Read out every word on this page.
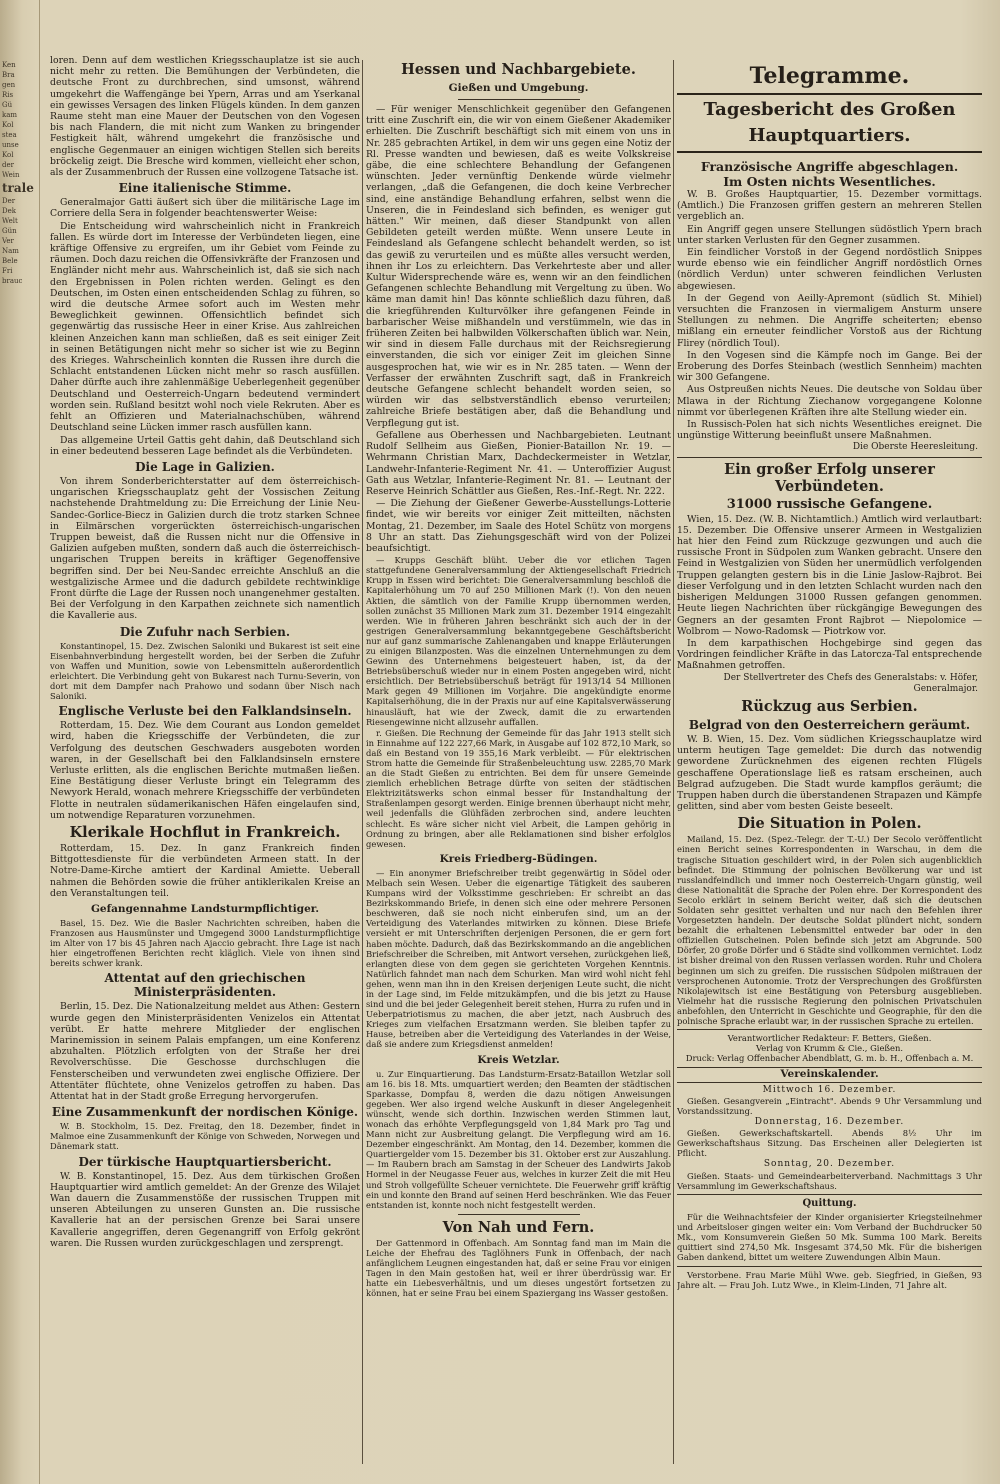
Ken
Bra
gen
Ris
Gü
kam
Kol
stea
unse
Kol
der
Wein
trale
Der
Dek
Welt
Gün
Ver
Nam
Bele
Fri
brauc

loren. Denn auf dem westlichen Kriegsschauplatze ist sie auch nicht mehr zu retten. Die Bemühungen der Verbündeten, die deutsche Front zu durchbrechen, sind umsonst, während umgekehrt die Waffengänge bei Ypern, Arras und am Yserkanal ein gewisses Versagen des linken Flügels künden. In dem ganzen Raume steht man eine Mauer der Deutschen von den Vogesen bis nach Flandern, die mit nicht zum Wanken zu bringender Festigkeit hält, während umgekehrt die französische und englische Gegenmauer an einigen wichtigen Stellen sich bereits bröckelig zeigt. Die Bresche wird kommen, vielleicht eher schon, als der Zusammenbruch der Russen eine vollzogene Tatsache ist.

Eine italienische Stimme.

Generalmajor Gatti äußert sich über die militärische Lage im Corriere della Sera in folgender beachtenswerter Weise:

Die Entscheidung wird wahrscheinlich nicht in Frankreich fallen. Es würde dort im Interesse der Verbündeten liegen, eine kräftige Offensive zu ergreifen, um ihr Gebiet vom Feinde zu räumen. Doch dazu reichen die Offensivkräfte der Franzosen und Engländer nicht mehr aus. Wahrscheinlich ist, daß sie sich nach den Ergebnissen in Polen richten werden. Gelingt es den Deutschen, im Osten einen entscheidenden Schlag zu führen, so wird die deutsche Armee sofort auch im Westen mehr Beweglichkeit gewinnen. Offensichtlich befindet sich gegenwärtig das russische Heer in einer Krise. Aus zahlreichen kleinen Anzeichen kann man schließen, daß es seit einiger Zeit in seinen Betätigungen nicht mehr so sicher ist wie zu Beginn des Krieges. Wahrscheinlich konnten die Russen ihre durch die Schlacht entstandenen Lücken nicht mehr so rasch ausfüllen. Daher dürfte auch ihre zahlenmäßige Ueberlegenheit gegenüber Deutschland und Oesterreich-Ungarn bedeutend vermindert worden sein. Rußland besitzt wohl noch viele Rekruten. Aber es fehlt an Offizieren und Materialnachschüben, während Deutschland seine Lücken immer rasch ausfüllen kann.

Das allgemeine Urteil Gattis geht dahin, daß Deutschland sich in einer bedeutend besseren Lage befindet als die Verbündeten.

Die Lage in Galizien.

Von ihrem Sonderberichterstatter auf dem österreichisch-ungarischen Kriegsschauplatz geht der Vossischen Zeitung nachstehende Drahtmeldung zu: Die Erreichung der Linie Neu-Sandec-Gorlice-Biecz in Galizien durch die trotz starken Schnee in Eilmärschen vorgerückten österreichisch-ungarischen Truppen beweist, daß die Russen nicht nur die Offensive in Galizien aufgeben mußten, sondern daß auch die österreichisch-ungarischen Truppen bereits in kräftiger Gegenoffensive begriffen sind. Der bei Neu-Sandec erreichte Anschluß an die westgalizische Armee und die dadurch gebildete rechtwinklige Front dürfte die Lage der Russen noch unangenehmer gestalten. Bei der Verfolgung in den Karpathen zeichnete sich namentlich die Kavallerie aus.

Die Zufuhr nach Serbien.

Konstantinopel, 15. Dez. Zwischen Saloniki und Bukarest ist seit eine Eisenbahnverbindung hergestellt worden, bei der Serben die Zufuhr von Waffen und Munition, sowie von Lebensmitteln außerordentlich erleichtert. Die Verbindung geht von Bukarest nach Turnu-Severin, von dort mit dem Dampfer nach Prahowo und sodann über Nisch nach Saloniki.

Englische Verluste bei den Falklandsinseln.

Rotterdam, 15. Dez. Wie dem Courant aus London gemeldet wird, haben die Kriegsschiffe der Verbündeten, die zur Verfolgung des deutschen Geschwaders ausgeboten worden waren, in der Gesellschaft bei den Falklandsinseln ernstere Verluste erlitten, als die englischen Berichte mutmaßen ließen. Eine Bestätigung dieser Verluste bringt ein Telegramm des Newyork Herald, wonach mehrere Kriegsschiffe der verbündeten Flotte in neutralen südamerikanischen Häfen eingelaufen sind, um notwendige Reparaturen vorzunehmen.

Klerikale Hochflut in Frankreich.

Rotterdam, 15. Dez. In ganz Frankreich finden Bittgottesdienste für die verbündeten Armeen statt. In der Notre-Dame-Kirche amtiert der Kardinal Amiette. Ueberall nahmen die Behörden sowie die früher antiklerikalen Kreise an den Veranstaltungen teil.

Gefangennahme Landsturmpflichtiger.

Basel, 15. Dez. Wie die Basler Nachrichten schreiben, haben die Franzosen aus Hausmünster und Umgegend 3000 Landsturmpflichtige im Alter von 17 bis 45 Jahren nach Ajaccio gebracht. Ihre Lage ist nach hier eingetroffenen Berichten recht kläglich. Viele von ihnen sind bereits schwer krank.

Attentat auf den griechischen Ministerpräsidenten.

Berlin, 15. Dez. Die Nationalzeitung meldet aus Athen: Gestern wurde gegen den Ministerpräsidenten Venizelos ein Attentat verübt. Er hatte mehrere Mitglieder der englischen Marinemission in seinem Palais empfangen, um eine Konferenz abzuhalten. Plötzlich erfolgten von der Straße her drei Revolverschüsse. Die Geschosse durchschlugen die Fensterscheiben und verwundeten zwei englische Offiziere. Der Attentäter flüchtete, ohne Venizelos getroffen zu haben. Das Attentat hat in der Stadt große Erregung hervorgerufen.

Eine Zusammenkunft der nordischen Könige.

W. B. Stockholm, 15. Dez. Freitag, den 18. Dezember, findet in Malmoe eine Zusammenkunft der Könige von Schweden, Norwegen und Dänemark statt.

Der türkische Hauptquartiersbericht.

W. B. Konstantinopel, 15. Dez. Aus dem türkischen Großen Hauptquartier wird amtlich gemeldet: An der Grenze des Wilajet Wan dauern die Zusammenstöße der russischen Truppen mit unseren Abteilungen zu unseren Gunsten an. Die russische Kavallerie hat an der persischen Grenze bei Sarai unsere Kavallerie angegriffen, deren Gegenangriff von Erfolg gekrönt waren. Die Russen wurden zurückgeschlagen und zersprengt.

Hessen und Nachbargebiete.
Gießen und Umgebung.

— Für weniger Menschlichkeit gegenüber den Gefangenen tritt eine Zuschrift ein, die wir von einem Gießener Akademiker erhielten. Die Zuschrift beschäftigt sich mit einem von uns in Nr. 285 gebrachten Artikel, in dem wir uns gegen eine Notiz der Rl. Presse wandten und bewiesen, daß es weite Volkskreise gäbe, die eine schlechtere Behandlung der Gefangenen wünschten. Jeder vernünftig Denkende würde vielmehr verlangen, „daß die Gefangenen, die doch keine Verbrecher sind, eine anständige Behandlung erfahren, selbst wenn die Unseren, die in Feindesland sich befinden, es weniger gut hätten." Wir meinen, daß dieser Standpunkt von allen Gebildeten geteilt werden müßte. Wenn unsere Leute in Feindesland als Gefangene schlecht behandelt werden, so ist das gewiß zu verurteilen und es müßte alles versucht werden, ihnen ihr Los zu erleichtern. Das Verkehrteste aber und aller Kultur Widersprechende wäre es, wenn wir an den feindlichen Gefangenen schlechte Behandlung mit Vergeltung zu üben. Wo käme man damit hin! Das könnte schließlich dazu führen, daß die kriegführenden Kulturvölker ihre gefangenen Feinde in barbarischer Weise mißhandeln und verstümmeln, wie das in früheren Zeiten bei halbwilden Völkerschaften üblich war. Nein, wir sind in diesem Falle durchaus mit der Reichsregierung einverstanden, die sich vor einiger Zeit im gleichen Sinne ausgesprochen hat, wie wir es in Nr. 285 taten. — Wenn der Verfasser der erwähnten Zuschrift sagt, daß in Frankreich deutsche Gefangene schlecht behandelt worden seien, so würden wir das selbstverständlich ebenso verurteilen; zahlreiche Briefe bestätigen aber, daß die Behandlung und Verpflegung gut ist.

Gefallene aus Oberhessen und Nachbargebieten. Leutnant Rudolf Sellheim aus Gießen, Pionier-Bataillon Nr. 19. — Wehrmann Christian Marx, Dachdeckermeister in Wetzlar, Landwehr-Infanterie-Regiment Nr. 41. — Unteroffizier August Gath aus Wetzlar, Infanterie-Regiment Nr. 81. — Leutnant der Reserve Heinrich Schättler aus Gießen, Res.-Inf.-Regt. Nr. 222.

— Die Ziehung der Gießener Gewerbe-Ausstellungs-Lotterie findet, wie wir bereits vor einiger Zeit mitteilten, nächsten Montag, 21. Dezember, im Saale des Hotel Schütz von morgens 8 Uhr an statt. Das Ziehungsgeschäft wird von der Polizei beaufsichtigt.

— Krupps Geschäft blüht. Ueber die vor etlichen Tagen stattgefundene Generalversammlung der Aktiengesellschaft Friedrich Krupp in Essen wird berichtet: Die Generalversammlung beschloß die Kapitalerhöhung um 70 auf 250 Millionen Mark (!). Von den neuen Aktien, die sämtlich von der Familie Krupp übernommen werden, sollen zunächst 35 Millionen Mark zum 31. Dezember 1914 eingezahlt werden. Wie in früheren Jahren beschränkt sich auch der in der gestrigen Generalversammlung bekanntgegebene Geschäftsbericht nur auf ganz summarische Zahlenangaben und knappe Erläuterungen zu einigen Bilanzposten. Was die einzelnen Unternehmungen zu dem Gewinn des Unternehmens beigesteuert haben, ist, da der Betriebsüberschuß wieder nur in einem Posten angegeben wird, nicht ersichtlich. Der Betriebsüberschuß beträgt für 1913/14 54 Millionen Mark gegen 49 Millionen im Vorjahre. Die angekündigte enorme Kapitalserhöhung, die in der Praxis nur auf eine Kapitalsverwässerung hinausläuft, hat wie der Zweck, damit die zu erwartenden Riesengewinne nicht allzusehr auffallen.

r. Gießen. Die Rechnung der Gemeinde für das Jahr 1913 stellt sich in Einnahme auf 122 227,66 Mark, in Ausgabe auf 102 872,10 Mark, so daß ein Bestand von 19 355,16 Mark verbleibt. — Für elektrischen Strom hatte die Gemeinde für Straßenbeleuchtung usw. 2285,70 Mark an die Stadt Gießen zu entrichten. Bei dem für unsere Gemeinde ziemlich erheblichen Betrage dürfte von seiten der städtischen Elektrizitätswerks schon einmal besser für Instandhaltung der Straßenlampen gesorgt werden. Einige brennen überhaupt nicht mehr, weil jedenfalls die Glühfäden zerbrochen sind, andere leuchten schlecht. Es wäre sicher nicht viel Arbeit, die Lampen gehörig in Ordnung zu bringen, aber alle Reklamationen sind bisher erfolglos gewesen.

Kreis Friedberg-Büdingen.

— Ein anonymer Briefschreiber treibt gegenwärtig in Södel oder Melbach sein Wesen. Ueber die eigenartige Tätigkeit des sauberen Kumpans wird der Volksstimme geschrieben: Er schreibt an das Bezirkskommando Briefe, in denen sich eine oder mehrere Personen beschweren, daß sie noch nicht einberufen sind, um an der Verteidigung des Vaterlandes mitwirken zu können. Diese Briefe versieht er mit Unterschriften derjenigen Personen, die er gern fort haben möchte. Dadurch, daß das Bezirkskommando an die angeblichen Briefschreiber die Schreiben, mit Antwort versehen, zurückgehen ließ, erlangten diese von dem gegen sie gerichteten Vorgehen Kenntnis. Natürlich fahndet man nach dem Schurken. Man wird wohl nicht fehl gehen, wenn man ihn in den Kreisen derjenigen Leute sucht, die nicht in der Lage sind, im Felde mitzukämpfen, und die bis jetzt zu Hause sind und die bei jeder Gelegenheit bereit stehen, Hurra zu rufen und in Ueberpatriotismus zu machen, die aber jetzt, nach Ausbruch des Krieges zum vielfachen Ersatzmann werden. Sie bleiben tapfer zu Hause, betreiben aber die Verteidigung des Vaterlandes in der Weise, daß sie andere zum Kriegsdienst anmelden!

Kreis Wetzlar.

u. Zur Einquartierung. Das Landsturm-Ersatz-Bataillon Wetzlar soll am 16. bis 18. Mts. umquartiert werden; den Beamten der städtischen Sparkasse, Dompfau 8, werden die dazu nötigen Anweisungen gegeben. Wer also irgend welche Auskunft in dieser Angelegenheit wünscht, wende sich dorthin. Inzwischen werden Stimmen laut, wonach das erhöhte Verpflegungsgeld von 1,84 Mark pro Tag und Mann nicht zur Ausbreitung gelangt. Die Verpflegung wird am 16. Dezember eingeschränkt. Am Montag, den 14. Dezember, kommen die Quartiergelder vom 15. Dezember bis 31. Oktober erst zur Auszahlung. — Im Raubern brach am Samstag in der Scheuer des Landwirts Jakob Hormel in der Neugasse Feuer aus, welches in kurzer Zeit die mit Heu und Stroh vollgefüllte Scheuer vernichtete. Die Feuerwehr griff kräftig ein und konnte den Brand auf seinen Herd beschränken. Wie das Feuer entstanden ist, konnte noch nicht festgestellt werden.

Von Nah und Fern.

Der Gattenmord in Offenbach. Am Sonntag fand man im Main die Leiche der Ehefrau des Taglöhners Funk in Offenbach, der nach anfänglichem Leugnen eingestanden hat, daß er seine Frau vor einigen Tagen in den Main gestoßen hat, weil er ihrer überdrüssig war. Er hatte ein Liebesverhältnis, und um dieses ungestört fortsetzen zu können, hat er seine Frau bei einem Spaziergang ins Wasser gestoßen.

Telegramme.
Tagesbericht des Großen Hauptquartiers.
Französische Angriffe abgeschlagen.
Im Osten nichts Wesentliches.

W. B. Großes Hauptquartier, 15. Dezember vormittags. (Amtlich.) Die Franzosen griffen gestern an mehreren Stellen vergeblich an.

Ein Angriff gegen unsere Stellungen südöstlich Ypern brach unter starken Verlusten für den Gegner zusammen.

Ein feindlicher Vorstoß in der Gegend nordöstlich Snippes wurde ebenso wie ein feindlicher Angriff nordöstlich Ornes (nördlich Verdun) unter schweren feindlichen Verlusten abgewiesen.

In der Gegend von Aeilly-Apremont (südlich St. Mihiel) versuchten die Franzosen in viermaligem Ansturm unsere Stellungen zu nehmen. Die Angriffe scheiterten; ebenso mißlang ein erneuter feindlicher Vorstoß aus der Richtung Flirey (nördlich Toul).

In den Vogesen sind die Kämpfe noch im Gange. Bei der Eroberung des Dorfes Steinbach (westlich Sennheim) machten wir 300 Gefangene.

Aus Ostpreußen nichts Neues. Die deutsche von Soldau über Mlawa in der Richtung Ziechanow vorgegangene Kolonne nimmt vor überlegenen Kräften ihre alte Stellung wieder ein.

In Russisch-Polen hat sich nichts Wesentliches ereignet. Die ungünstige Witterung beeinflußt unsere Maßnahmen.

Die Oberste Heeresleitung.
Ein großer Erfolg unserer Verbündeten.
31000 russische Gefangene.

Wien, 15. Dez. (W. B. Nichtamtlich.) Amtlich wird verlautbart: 15. Dezember. Die Offensive unserer Armeen in Westgalizien hat hier den Feind zum Rückzuge gezwungen und auch die russische Front in Südpolen zum Wanken gebracht. Unsere den Feind in Westgalizien von Süden her unermüdlich verfolgenden Truppen gelangten gestern bis in die Linie Jaslow-Rajbrot. Bei dieser Verfolgung und in den letzten Schlacht wurden nach den bisherigen Meldungen 31000 Russen gefangen genommen. Heute liegen Nachrichten über rückgängige Bewegungen des Gegners an der gesamten Front Rajbrot — Niepolomice — Wolbrom — Nowo-Radomsk — Piotrkow vor.

In dem karpathischen Hochgebirge sind gegen das Vordringen feindlicher Kräfte in das Latorcza-Tal entsprechende Maßnahmen getroffen.

Der Stellvertreter des Chefs des Generalstabs: v. Höfer, Generalmajor.
Rückzug aus Serbien.
Belgrad von den Oesterreichern geräumt.

W. B. Wien, 15. Dez. Vom südlichen Kriegsschauplatze wird unterm heutigen Tage gemeldet: Die durch das notwendig gewordene Zurücknehmen des eigenen rechten Flügels geschaffene Operationslage ließ es ratsam erscheinen, auch Belgrad aufzugeben. Die Stadt wurde kampflos geräumt; die Truppen haben durch die überstandenen Strapazen und Kämpfe gelitten, sind aber vom besten Geiste beseelt.

Die Situation in Polen.

Mailand, 15. Dez. (Spez.-Telegr. der T.-U.) Der Secolo veröffentlicht einen Bericht seines Korrespondenten in Warschau, in dem die tragische Situation geschildert wird, in der Polen sich augenblicklich befindet. Die Stimmung der polnischen Bevölkerung war und ist russlandfeindlich und immer noch Oesterreich-Ungarn günstig, weil diese Nationalität die Sprache der Polen ehre. Der Korrespondent des Secolo erklärt in seinem Bericht weiter, daß sich die deutschen Soldaten sehr gesittet verhalten und nur nach den Befehlen ihrer Vorgesetzten handeln. Der deutsche Soldat plündert nicht, sondern bezahlt die erhaltenen Lebensmittel entweder bar oder in den offiziellen Gutscheinen. Polen befinde sich jetzt am Abgrunde. 500 Dörfer, 20 große Dörfer und 6 Städte sind vollkommen vernichtet. Lodz ist bisher dreimal von den Russen verlassen worden. Ruhr und Cholera beginnen um sich zu greifen. Die russischen Südpolen mißtrauen der versprochenen Autonomie. Trotz der Versprechungen des Großfürsten Nikolajewitsch ist eine Bestätigung von Petersburg ausgeblieben. Vielmehr hat die russische Regierung den polnischen Privatschulen anbefohlen, den Unterricht in Geschichte und Geographie, für den die polnische Sprache erlaubt war, in der russischen Sprache zu erteilen.

Verantwortlicher Redakteur: F. Betters, Gießen.
Verlag von Krumm & Cie., Gießen.
Druck: Verlag Offenbacher Abendblatt, G. m. b. H., Offenbach a. M.
Vereinskalender.
Mittwoch 16. Dezember.

Gießen. Gesangverein „Eintracht". Abends 9 Uhr Versammlung und Vorstandssitzung.

Donnerstag, 16. Dezember.

Gießen. Gewerkschaftskartell. Abends 8½ Uhr im Gewerkschaftshaus Sitzung. Das Erscheinen aller Delegierten ist Pflicht.

Sonntag, 20. Dezember.

Gießen. Staats- und Gemeindearbeiterverband. Nachmittags 3 Uhr Versammlung im Gewerkschaftshaus.

Quittung.

Für die Weihnachtsfeier der Kinder organisierter Kriegsteilnehmer und Arbeitsloser gingen weiter ein: Vom Verband der Buchdrucker 50 Mk., vom Konsumverein Gießen 50 Mk. Summa 100 Mark. Bereits quittiert sind 274,50 Mk. Insgesamt 374,50 Mk. Für die bisherigen Gaben dankend, bittet um weitere Zuwendungen Albin Maun.

Verstorbene. Frau Marie Mühl Wwe. geb. Siegfried, in Gießen, 93 Jahre alt. — Frau Joh. Lutz Wwe., in Kleim-Linden, 71 Jahre alt.
